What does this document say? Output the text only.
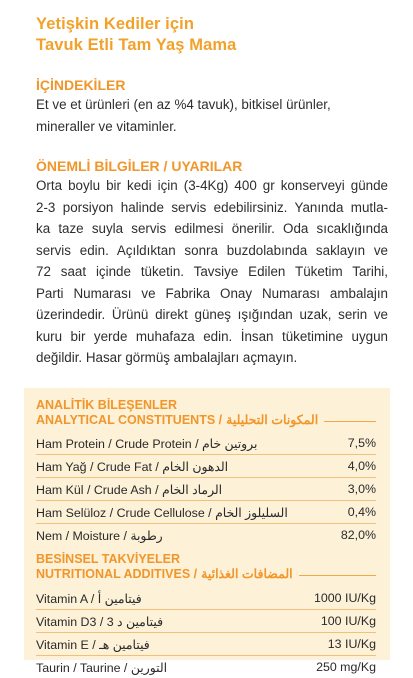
Yetişkin Kediler için
Tavuk Etli Tam Yaş Mama
İÇİNDEKİLER
Et ve et ürünleri (en az %4 tavuk), bitkisel ürünler,
mineraller ve vitaminler.
ÖNEMLİ BİLGİLER / UYARILAR
Orta boylu bir kedi için (3-4Kg) 400 gr konserveyi günde
2-3 porsiyon halinde servis edebilirsiniz. Yanında mutla-
ka taze suyla servis edilmesi önerilir. Oda sıcaklığında
servis edin. Açıldıktan sonra buzdolabında saklayın ve
72 saat içinde tüketin. Tavsiye Edilen Tüketim Tarihi,
Parti Numarası ve Fabrika Onay Numarası ambalajın
üzerindedir. Ürünü direkt güneş ışığından uzak, serin ve
kuru bir yerde muhafaza edin. İnsan tüketimine uygun
değildir. Hasar görmüş ambalajları açmayın.
ANALİTİK BİLEŞENLER
ANALYTICAL CONSTITUENTS / المكونات التحليلية
Ham Protein / Crude Protein / بروتين خام	7,5%
Ham Yağ / Crude Fat / الدهون الخام	4,0%
Ham Kül / Crude Ash / الرماد الخام	3,0%
Ham Selüloz / Crude Cellulose / السليلوز الخام	0,4%
Nem / Moisture / رطوبة	82,0%
BESİNSEL TAKVİYELER
NUTRITIONAL ADDITIVES / المضافات الغذائية
Vitamin A / فيتامين أ	1000 IU/Kg
Vitamin D3 / فيتامين د 3	100 IU/Kg
Vitamin E / فيتامين هـ	13 IU/Kg
Taurin / Taurine / التورين	250 mg/Kg
